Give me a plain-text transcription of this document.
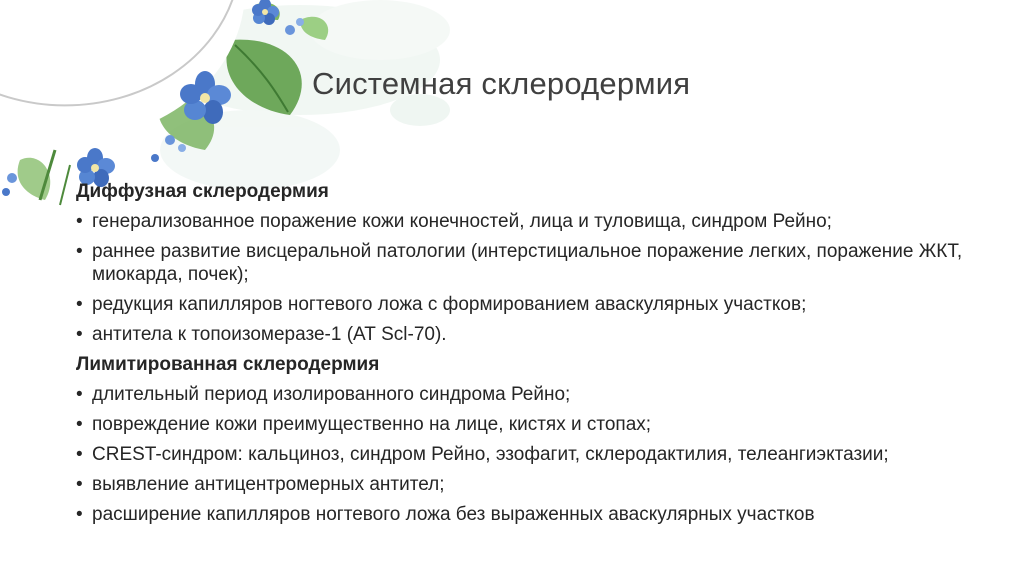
Системная склеродермия
Диффузная склеродермия
• генерализованное поражение кожи конечностей, лица и туловища, синдром Рейно;
• раннее развитие висцеральной патологии (интерстициальное поражение легких, поражение ЖКТ, миокарда, почек);
• редукция капилляров ногтевого ложа с формированием аваскулярных участков;
• антитела к топоизомеразе-1 (АТ Scl-70).
Лимитированная склеродермия
• длительный период изолированного синдрома Рейно;
• повреждение кожи преимущественно на лице, кистях и стопах;
• CREST-синдром: кальциноз, синдром Рейно, эзофагит, склеродактилия, телеангиэктазии;
• выявление антицентромерных антител;
• расширение капилляров ногтевого ложа без выраженных аваскулярных участков
